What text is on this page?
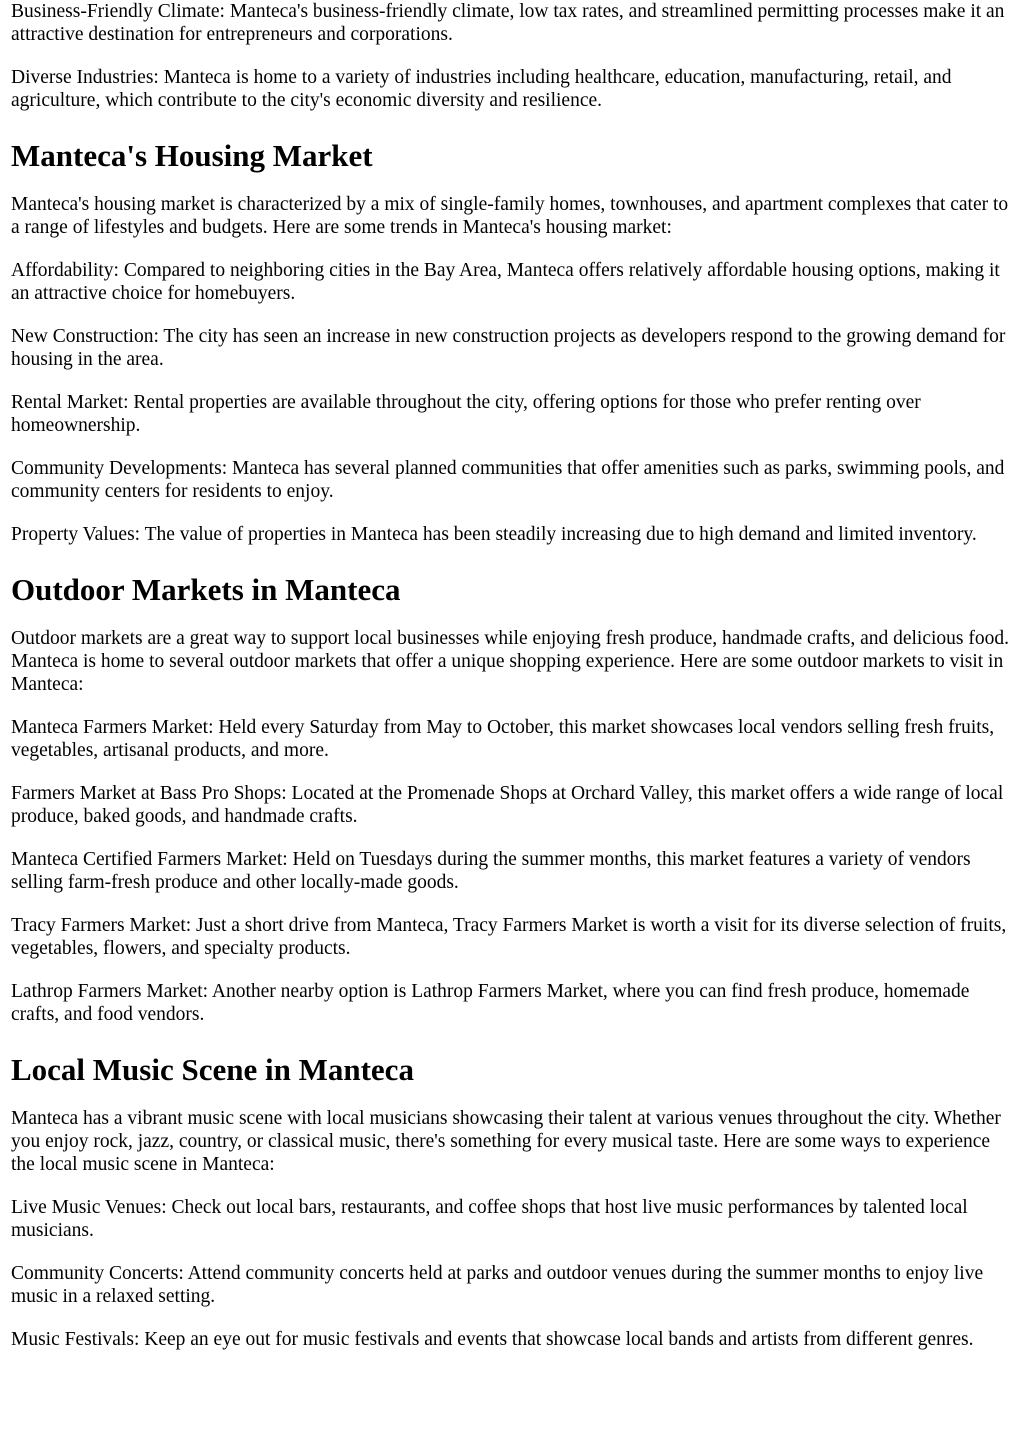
Business-Friendly Climate: Manteca's business-friendly climate, low tax rates, and streamlined permitting processes make it an attractive destination for entrepreneurs and corporations.

Diverse Industries: Manteca is home to a variety of industries including healthcare, education, manufacturing, retail, and agriculture, which contribute to the city's economic diversity and resilience.

Manteca's Housing Market

Manteca's housing market is characterized by a mix of single-family homes, townhouses, and apartment complexes that cater to a range of lifestyles and budgets. Here are some trends in Manteca's housing market:

Affordability: Compared to neighboring cities in the Bay Area, Manteca offers relatively affordable housing options, making it an attractive choice for homebuyers.

New Construction: The city has seen an increase in new construction projects as developers respond to the growing demand for housing in the area.

Rental Market: Rental properties are available throughout the city, offering options for those who prefer renting over homeownership.

Community Developments: Manteca has several planned communities that offer amenities such as parks, swimming pools, and community centers for residents to enjoy.

Property Values: The value of properties in Manteca has been steadily increasing due to high demand and limited inventory.

Outdoor Markets in Manteca

Outdoor markets are a great way to support local businesses while enjoying fresh produce, handmade crafts, and delicious food. Manteca is home to several outdoor markets that offer a unique shopping experience. Here are some outdoor markets to visit in Manteca:

Manteca Farmers Market: Held every Saturday from May to October, this market showcases local vendors selling fresh fruits, vegetables, artisanal products, and more.

Farmers Market at Bass Pro Shops: Located at the Promenade Shops at Orchard Valley, this market offers a wide range of local produce, baked goods, and handmade crafts.

Manteca Certified Farmers Market: Held on Tuesdays during the summer months, this market features a variety of vendors selling farm-fresh produce and other locally-made goods.

Tracy Farmers Market: Just a short drive from Manteca, Tracy Farmers Market is worth a visit for its diverse selection of fruits, vegetables, flowers, and specialty products.

Lathrop Farmers Market: Another nearby option is Lathrop Farmers Market, where you can find fresh produce, homemade crafts, and food vendors.

Local Music Scene in Manteca

Manteca has a vibrant music scene with local musicians showcasing their talent at various venues throughout the city. Whether you enjoy rock, jazz, country, or classical music, there's something for every musical taste. Here are some ways to experience the local music scene in Manteca:

Live Music Venues: Check out local bars, restaurants, and coffee shops that host live music performances by talented local musicians.

Community Concerts: Attend community concerts held at parks and outdoor venues during the summer months to enjoy live music in a relaxed setting.

Music Festivals: Keep an eye out for music festivals and events that showcase local bands and artists from different genres.
